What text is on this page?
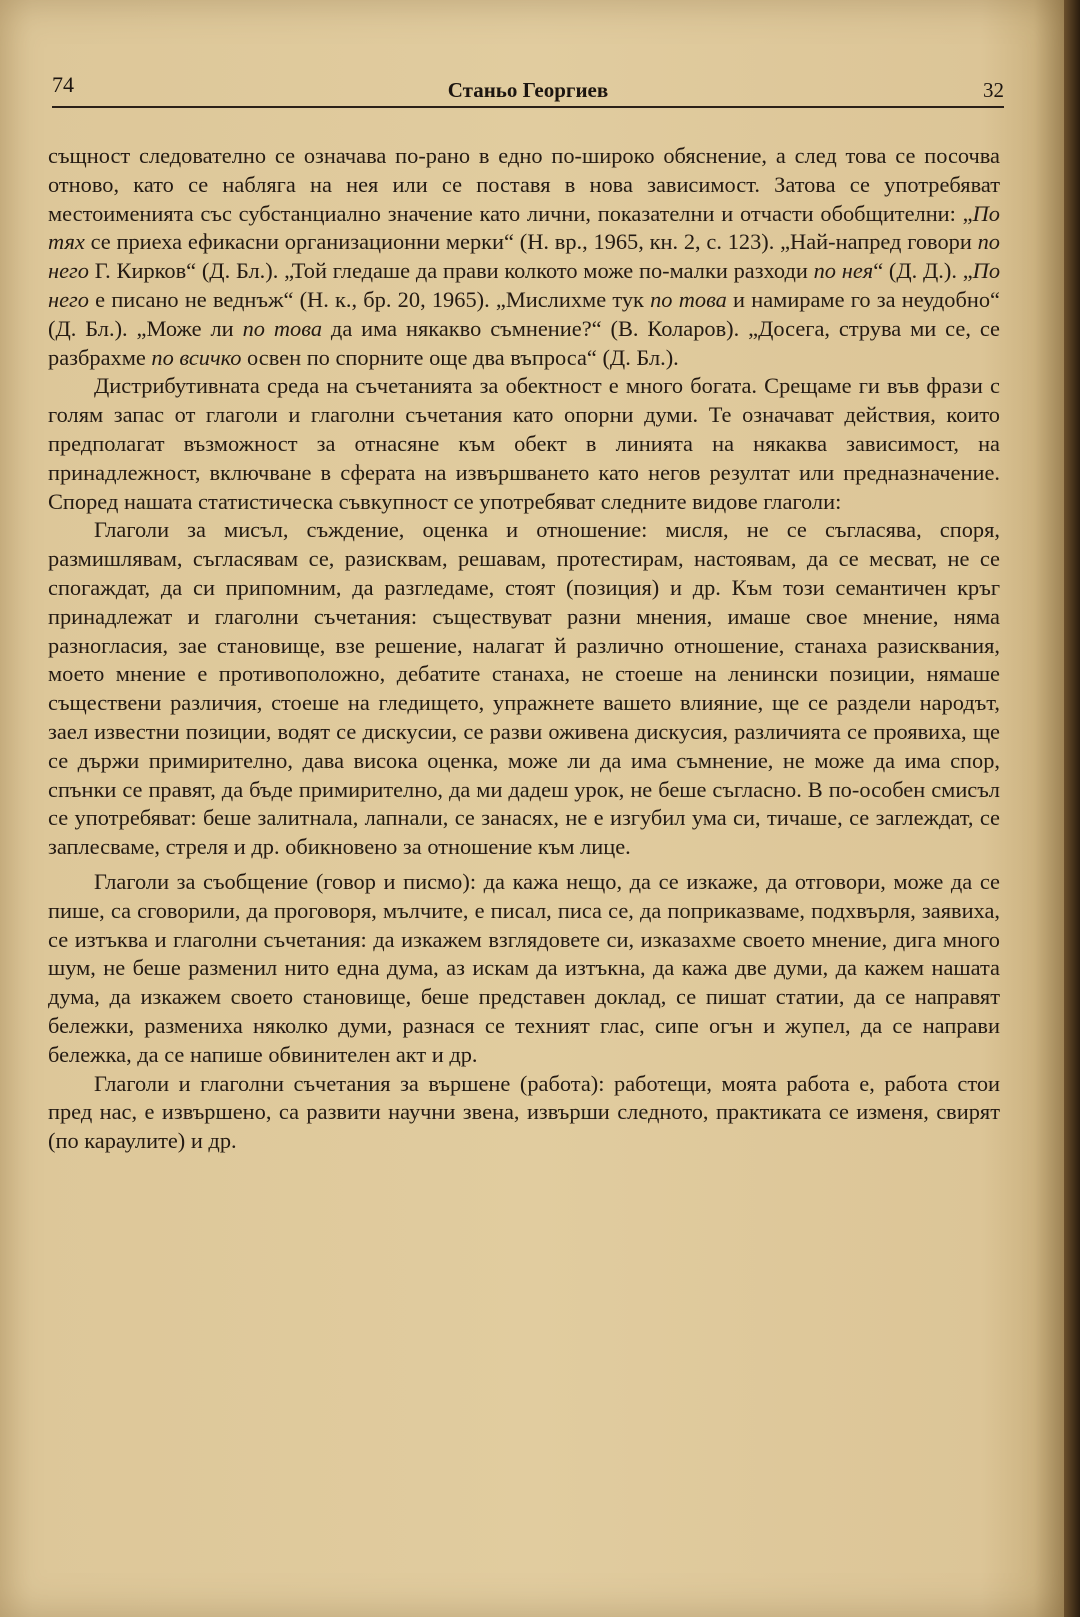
74	Станьо Георгиев	32

същност следователно се означава по-рано в едно по-широко обяснение, а след това се посочва отново, като се набляга на нея или се поставя в нова зависимост. Затова се употребяват местоименията със субстанциално значение като лични, показателни и отчасти обобщителни: „По тях се приеха ефикасни организационни мерки“ (Н. вр., 1965, кн. 2, с. 123). „Най-напред говори по него Г. Кирков“ (Д. Бл.). „Той гледаше да прави колкото може по-малки разходи по нея“ (Д. Д.). „По него е писано не веднъж“ (Н. к., бр. 20, 1965). „Мислихме тук по това и намираме го за неудобно“ (Д. Бл.). „Може ли по това да има някакво съмнение?“ (В. Коларов). „Досега, струва ми се, се разбрахме по всичко освен по спорните още два въпроса“ (Д. Бл.).

Дистрибутивната среда на съчетанията за обектност е много богата. Срещаме ги във фрази с голям запас от глаголи и глаголни съчетания като опорни думи. Те означават действия, които предполагат възможност за отнасяне към обект в линията на някаква зависимост, на принадлежност, включване в сферата на извършването като негов резултат или предназначение. Според нашата статистическа съвкупност се употребяват следните видове глаголи:

Глаголи за мисъл, съждение, оценка и отношение: мисля, не се съгласява, споря, размишлявам, съгласявам се, разисквам, решавам, протестирам, настоявам, да се месват, не се спогаждат, да си припомним, да разгледаме, стоят (позиция) и др. Към този семантичен кръг принадлежат и глаголни съчетания: съществуват разни мнения, имаше свое мнение, няма разногласия, зае становище, взе решение, налагат й различно отношение, станаха разисквания, моето мнение е противоположно, дебатите станаха, не стоеше на ленински позиции, нямаше съществени различия, стоеше на гледището, упражнете вашето влияние, ще се раздели народът, заел известни позиции, водят се дискусии, се разви оживена дискусия, различията се проявиха, ще се държи примирително, дава висока оценка, може ли да има съмнение, не може да има спор, спънки се правят, да бъде примирително, да ми дадеш урок, не беше съгласно. В по-особен смисъл се употребяват: беше залитнала, лапнали, се занасях, не е изгубил ума си, тичаше, се заглеждат, се заплесваме, стреля и др. обикновено за отношение към лице.

Глаголи за съобщение (говор и писмо): да кажа нещо, да се изкаже, да отговори, може да се пише, са сговорили, да проговоря, мълчите, е писал, писа се, да поприказваме, подхвърля, заявиха, се изтъква и глаголни съчетания: да изкажем взглядовете си, изказахме своето мнение, дига много шум, не беше разменил нито една дума, аз искам да изтъкна, да кажа две думи, да кажем нашата дума, да изкажем своето становище, беше представен доклад, се пишат статии, да се направят бележки, размениха няколко думи, разнася се техният глас, сипе огън и жупел, да се направи бележка, да се напише обвинителен акт и др.

Глаголи и глаголни съчетания за вършене (работа): работещи, моята работа е, работа стои пред нас, е извършено, са развити научни звена, извърши следното, практиката се изменя, свирят (по караулите) и др.
